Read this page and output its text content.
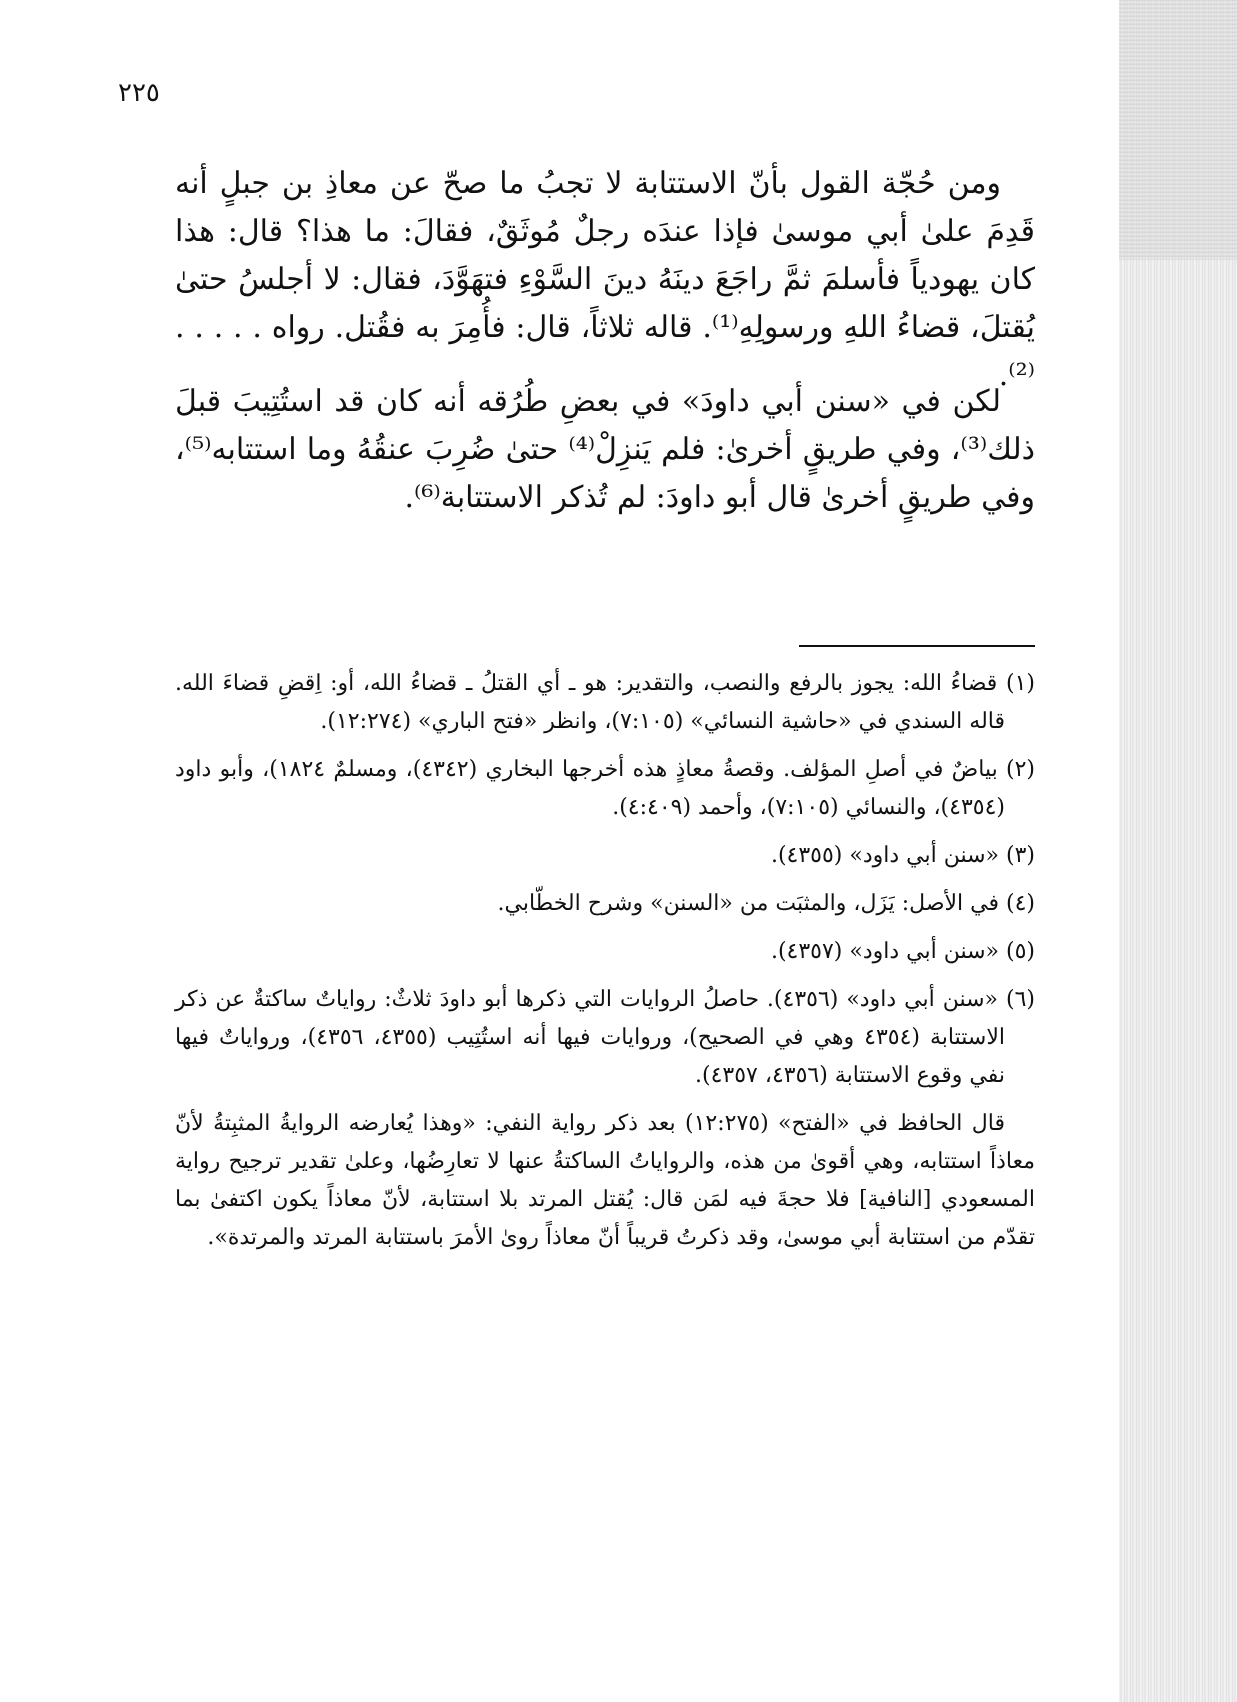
٢٢٥

ومن حُجّة القول بأنّ الاستتابة لا تجبُ ما صحّ عن معاذِ بن جبلٍ أنه قَدِمَ علىٰ أبي موسىٰ فإذا عندَه رجلٌ مُوثَقٌ، فقالَ: ما هذا؟ قال: هذا كان يهودياً فأسلمَ ثمَّ راجَعَ دينَهُ دينَ السَّوْءِ فتهَوَّدَ، فقال: لا أجلسُ حتىٰ يُقتلَ، قضاءُ اللهِ ورسولِهِ⁽¹⁾. قاله ثلاثاً، قال: فأُمِرَ به فقُتل. رواه . . . . .⁽²⁾.

لكن في «سنن أبي داودَ» في بعضِ طُرُقه أنه كان قد استُتِيبَ قبلَ ذلك⁽³⁾، وفي طريقٍ أخرىٰ: فلم يَنزِلْ⁽⁴⁾ حتىٰ ضُرِبَ عنقُهُ وما استتابه⁽⁵⁾، وفي طريقٍ أخرىٰ قال أبو داودَ: لم تُذكر الاستتابة⁽⁶⁾.

(١) قضاءُ الله: يجوز بالرفع والنصب، والتقدير: هو ـ أي القتلُ ـ قضاءُ الله، أو: اِقضِ قضاءَ الله. قاله السندي في «حاشية النسائي» (٧:١٠٥)، وانظر «فتح الباري» (١٢:٢٧٤).

(٢) بياضٌ في أصلِ المؤلف. وقصةُ معاذٍ هذه أخرجها البخاري (٤٣٤٢)، ومسلمٌ ١٨٢٤)، وأبو داود (٤٣٥٤)، والنسائي (٧:١٠٥)، وأحمد (٤:٤٠٩).

(٣) «سنن أبي داود» (٤٣٥٥).

(٤) في الأصل: يَزَل، والمثبَت من «السنن» وشرح الخطّابي.

(٥) «سنن أبي داود» (٤٣٥٧).

(٦) «سنن أبي داود» (٤٣٥٦). حاصلُ الروايات التي ذكرها أبو داودَ ثلاثٌ: رواياتٌ ساكتةٌ عن ذكر الاستتابة (٤٣٥٤ وهي في الصحيح)، وروايات فيها أنه استُتِيب (٤٣٥٥، ٤٣٥٦)، ورواياتٌ فيها نفي وقوع الاستتابة (٤٣٥٦، ٤٣٥٧).

قال الحافظ في «الفتح» (١٢:٢٧٥) بعد ذكر رواية النفي: «وهذا يُعارضه الروايةُ المثبِتةُ لأنّ معاذاً استتابه، وهي أقوىٰ من هذه، والرواياتُ الساكتةُ عنها لا تعارِضُها، وعلىٰ تقدير ترجيح رواية المسعودي [النافية] فلا حجةَ فيه لمَن قال: يُقتل المرتد بلا استتابة، لأنّ معاذاً يكون اكتفىٰ بما تقدّم من استتابة أبي موسىٰ، وقد ذكرتُ قريباً أنّ معاذاً روىٰ الأمرَ باستتابة المرتد والمرتدة».
